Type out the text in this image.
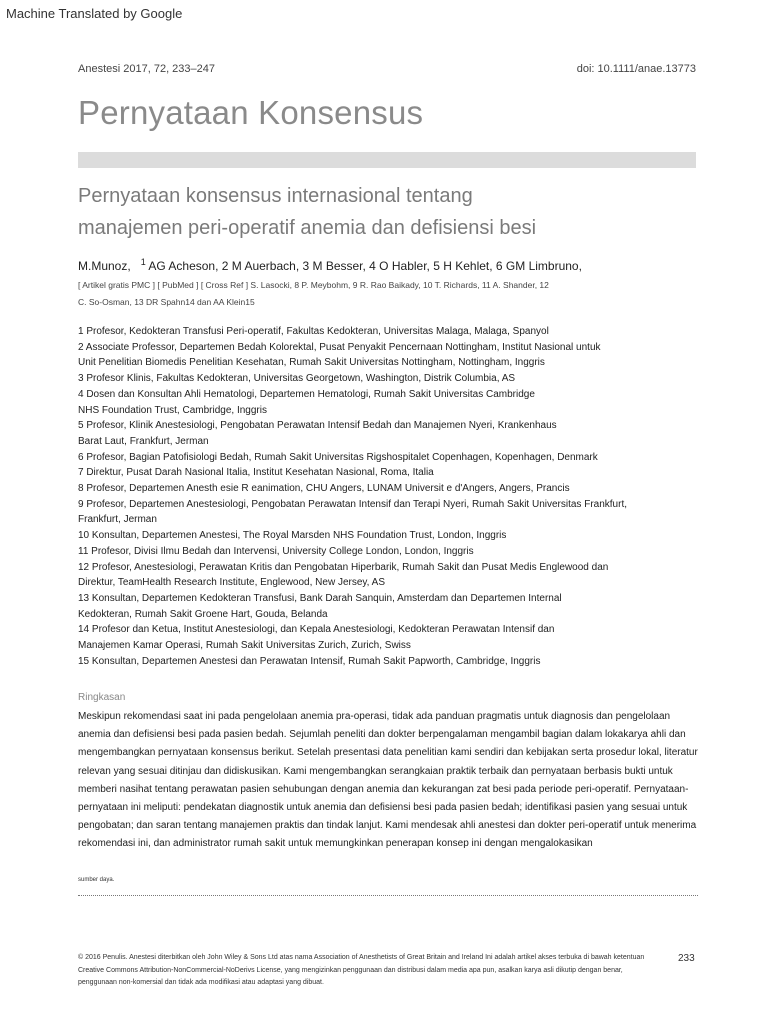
Machine Translated by Google
Anestesi 2017, 72, 233–247	doi: 10.1111/anae.13773
Pernyataan Konsensus
Pernyataan konsensus internasional tentang
manajemen peri-operatif anemia dan defisiensi besi
M.Munoz, $^1$ AG Acheson, 2 M Auerbach, 3 M Besser, 4 O Habler, 5 H Kehlet, 6 GM Limbruno,
[ Artikel gratis PMC ] [ PubMed ] [ Cross Ref ] S. Lasocki, 8 P. Meybohm, 9 R. Rao Baikady, 10 T. Richards, 11 A. Shander, 12
C. So-Osman, 13 DR Spahn14 dan AA Klein15
1 Profesor, Kedokteran Transfusi Peri-operatif, Fakultas Kedokteran, Universitas Malaga, Malaga, Spanyol
2 Associate Professor, Departemen Bedah Kolorektal, Pusat Penyakit Pencernaan Nottingham, Institut Nasional untuk
Unit Penelitian Biomedis Penelitian Kesehatan, Rumah Sakit Universitas Nottingham, Nottingham, Inggris
3 Profesor Klinis, Fakultas Kedokteran, Universitas Georgetown, Washington, Distrik Columbia, AS
4 Dosen dan Konsultan Ahli Hematologi, Departemen Hematologi, Rumah Sakit Universitas Cambridge
NHS Foundation Trust, Cambridge, Inggris
5 Profesor, Klinik Anestesiologi, Pengobatan Perawatan Intensif Bedah dan Manajemen Nyeri, Krankenhaus
Barat Laut, Frankfurt, Jerman
6 Profesor, Bagian Patofisiologi Bedah, Rumah Sakit Universitas Rigshospitalet Copenhagen, Kopenhagen, Denmark
7 Direktur, Pusat Darah Nasional Italia, Institut Kesehatan Nasional, Roma, Italia
8 Profesor, Departemen Anesth esie R eanimation, CHU Angers, LUNAM Universit e d'Angers, Angers, Prancis
9 Profesor, Departemen Anestesiologi, Pengobatan Perawatan Intensif dan Terapi Nyeri, Rumah Sakit Universitas Frankfurt,
Frankfurt, Jerman
10 Konsultan, Departemen Anestesi, The Royal Marsden NHS Foundation Trust, London, Inggris
11 Profesor, Divisi Ilmu Bedah dan Intervensi, University College London, London, Inggris
12 Profesor, Anestesiologi, Perawatan Kritis dan Pengobatan Hiperbarik, Rumah Sakit dan Pusat Medis Englewood dan
Direktur, TeamHealth Research Institute, Englewood, New Jersey, AS
13 Konsultan, Departemen Kedokteran Transfusi, Bank Darah Sanquin, Amsterdam dan Departemen Internal
Kedokteran, Rumah Sakit Groene Hart, Gouda, Belanda
14 Profesor dan Ketua, Institut Anestesiologi, dan Kepala Anestesiologi, Kedokteran Perawatan Intensif dan
Manajemen Kamar Operasi, Rumah Sakit Universitas Zurich, Zurich, Swiss
15 Konsultan, Departemen Anestesi dan Perawatan Intensif, Rumah Sakit Papworth, Cambridge, Inggris
Ringkasan

Meskipun rekomendasi saat ini pada pengelolaan anemia pra-operasi, tidak ada panduan pragmatis untuk diagnosis dan pengelolaan anemia dan defisiensi besi pada pasien bedah. Sejumlah peneliti dan dokter berpengalaman mengambil bagian dalam lokakarya ahli dan mengembangkan pernyataan konsensus berikut. Setelah presentasi data penelitian kami sendiri dan kebijakan serta prosedur lokal, literatur relevan yang sesuai ditinjau dan didiskusikan. Kami mengembangkan serangkaian praktik terbaik dan pernyataan berbasis bukti untuk memberi nasihat tentang perawatan pasien sehubungan dengan anemia dan kekurangan zat besi pada periode peri-operatif. Pernyataan-pernyataan ini meliputi: pendekatan diagnostik untuk anemia dan defisiensi besi pada pasien bedah; identifikasi pasien yang sesuai untuk pengobatan; dan saran tentang manajemen praktis dan tindak lanjut. Kami mendesak ahli anestesi dan dokter peri-operatif untuk menerima rekomendasi ini, dan administrator rumah sakit untuk memungkinkan penerapan konsep ini dengan mengalokasikan

sumber daya.

© 2016 Penulis. Anestesi diterbitkan oleh John Wiley & Sons Ltd atas nama Association of Anesthetists of Great Britain and Ireland Ini adalah artikel akses terbuka di bawah ketentuan Creative Commons Attribution-NonCommercial-NoDerivs License, yang mengizinkan penggunaan dan distribusi dalam media apa pun, asalkan karya asli dikutip dengan benar, penggunaan non-komersial dan tidak ada modifikasi atau adaptasi yang dibuat.

233
